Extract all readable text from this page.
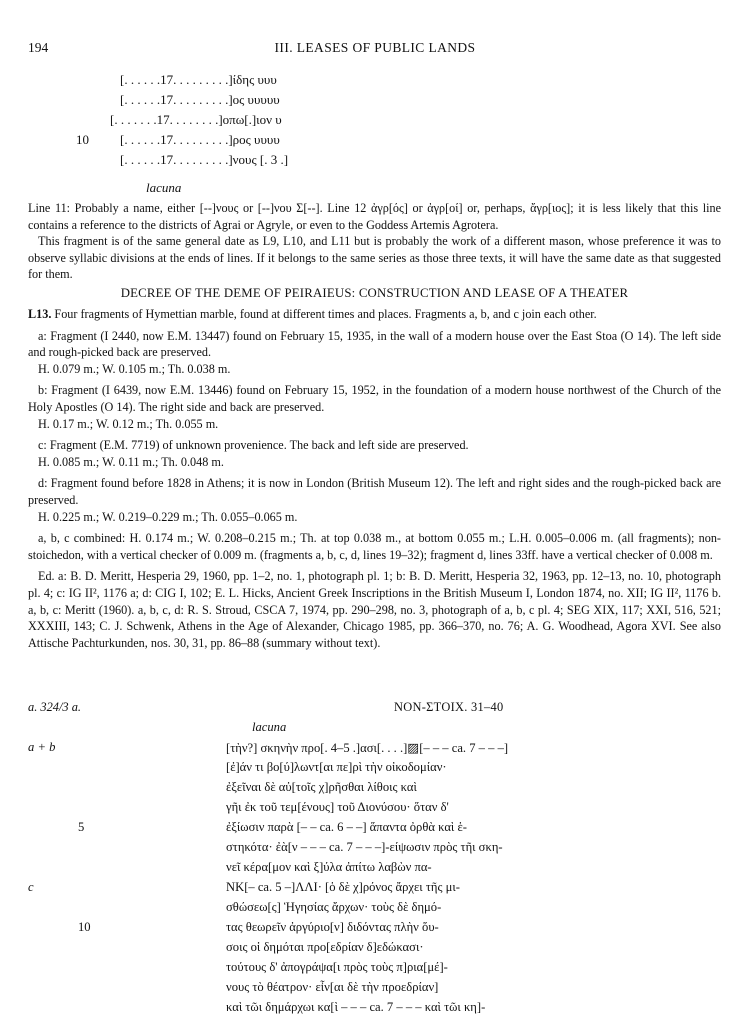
194	III. LEASES OF PUBLIC LANDS
[. . . . . .17. . . . . . . . .]ίδης υυυ
[. . . . . .17. . . . . . . . .]ος υυυυυ
[. . . . . . .17. . . . . . . .]οπω[.]ιον υ
10 [. . . . . .17. . . . . . . . .]ρος υυυυ
[. . . . . .17. . . . . . . . .]νους [. 3 .]
lacuna

Line 11: Probably a name, either [--]νους or [--]νου Σ[--]. Line 12 ἀγρ[ός] or ἀγρ[οί] or, perhaps, ἄγρ[ιος]; it is less likely that this line contains a reference to the districts of Agrai or Agryle, or even to the Goddess Artemis Agrotera.

This fragment is of the same general date as L9, L10, and L11 but is probably the work of a different mason, whose preference it was to observe syllabic divisions at the ends of lines. If it belongs to the same series as those three texts, it will have the same date as that suggested for them.

DECREE OF THE DEME OF PEIRAIEUS: CONSTRUCTION AND LEASE OF A THEATER

L13. Four fragments of Hymettian marble, found at different times and places. Fragments a, b, and c join each other.

a: Fragment (I 2440, now E.M. 13447) found on February 15, 1935, in the wall of a modern house over the East Stoa (O 14). The left side and rough-picked back are preserved.

H. 0.079 m.; W. 0.105 m.; Th. 0.038 m.

b: Fragment (I 6439, now E.M. 13446) found on February 15, 1952, in the foundation of a modern house northwest of the Church of the Holy Apostles (O 14). The right side and back are preserved.

H. 0.17 m.; W. 0.12 m.; Th. 0.055 m.

c: Fragment (E.M. 7719) of unknown provenience. The back and left side are preserved.

H. 0.085 m.; W. 0.11 m.; Th. 0.048 m.

d: Fragment found before 1828 in Athens; it is now in London (British Museum 12). The left and right sides and the rough-picked back are preserved.

H. 0.225 m.; W. 0.219–0.229 m.; Th. 0.055–0.065 m.

a, b, c combined: H. 0.174 m.; W. 0.208–0.215 m.; Th. at top 0.038 m., at bottom 0.055 m.; L.H. 0.005–0.006 m. (all fragments); non-stoichedon, with a vertical checker of 0.009 m. (fragments a, b, c, d, lines 19–32); fragment d, lines 33ff. have a vertical checker of 0.008 m.

Ed. a: B. D. Meritt, Hesperia 29, 1960, pp. 1–2, no. 1, photograph pl. 1; b: B. D. Meritt, Hesperia 32, 1963, pp. 12–13, no. 10, photograph pl. 4; c: IG II², 1176 a; d: CIG I, 102; E. L. Hicks, Ancient Greek Inscriptions in the British Museum I, London 1874, no. XII; IG II², 1176 b. a, b, c: Meritt (1960). a, b, c, d: R. S. Stroud, CSCA 7, 1974, pp. 290–298, no. 3, photograph of a, b, c pl. 4; SEG XIX, 117; XXI, 516, 521; XXXIII, 143; C. J. Schwenk, Athens in the Age of Alexander, Chicago 1985, pp. 366–370, no. 76; A. G. Woodhead, Agora XVI. See also Attische Pachturkunden, nos. 30, 31, pp. 86–88 (summary without text).

a. 324/3 a.	NON-ΣΤΟΙΧ. 31–40
lacuna
a + b	[τὴν?] σκηνὴν προ[. 4–5 .]ασι[. . . .]▨[– – – ca. 7 – – –]
[ἐ]άν τι βο[ύ]λωντ[αι πε]ρὶ τὴν οἰκοδομίαν·
ἐξεῖναι δὲ αὐ[τοῖς χ]ρῆσθαι λίθοις καὶ
γῆι ἐκ τοῦ τεμ[ένους] τοῦ Διονύσου· ὅταν δ'
5	ἐξίωσιν παρὰ [– – ca. 6 – –] ἅπαντα ὀρθὰ καὶ ἑ-
στηκότα· ἐὰ[ν – – – ca. 7 – – –]-είψωσιν πρὸς τῆι σκη-
νεῖ κέρα[μον καὶ ξ]ύλα ἀπίτω λαβὼν πα-
c	ΝΚ[– ca. 5 –]ΛΛΙ· [ὁ δὲ χ]ρόνος ἄρχει τῆς μι-
σθώσεω[ς] Ἡγησίας ἄρχων· τοὺς δὲ δημό-
10	τας θεωρεῖν ἀργύριο[ν] διδόντας πλὴν ὅυ-
σοις οἱ δημόται προ[εδρίαν δ]εδώκασι·
τούτους δ' ἀπογράψα[ι πρὸς τοὺς π]ρια[μέ]-
νους τὸ θέατρον· εἶν[αι δὲ τὴν προεδρίαν]
καὶ τῶι δημάρχωι κα[ὶ – – – ca. 7 – – – καὶ τῶι κη]-
